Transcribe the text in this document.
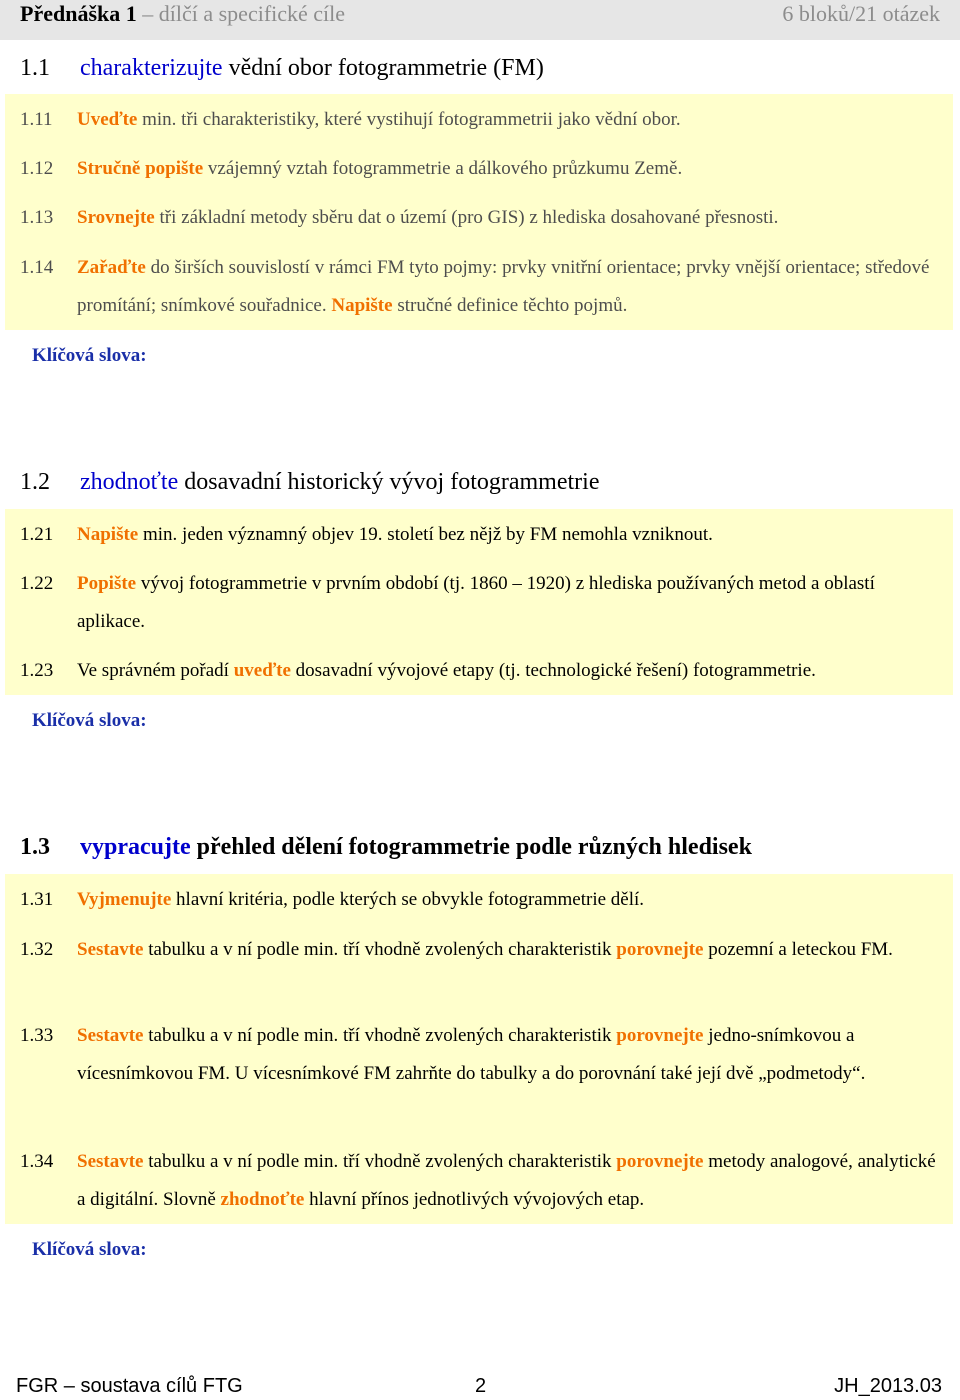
Přednáška 1 – dílčí a specifické cíle	6 bloků/21 otázek
1.1 charakterizujte vědní obor fotogrammetrie (FM)
1.11 Uveďte min. tři charakteristiky, které vystihují fotogrammetrii jako vědní obor.
1.12 Stručně popište vzájemný vztah fotogrammetrie a dálkového průzkumu Země.
1.13 Srovnejte tři základní metody sběru dat o území (pro GIS) z hlediska dosahované přesnosti.
1.14 Zařaďte do širších souvislostí v rámci FM tyto pojmy: prvky vnitřní orientace; prvky vnější orientace; středové promítání; snímkové souřadnice. Napište stručné definice těchto pojmů.
Klíčová slova:
1.2 zhodnoťte dosavadní historický vývoj fotogrammetrie
1.21 Napište min. jeden významný objev 19. století bez nějž by FM nemohla vzniknout.
1.22 Popište vývoj fotogrammetrie v prvním období (tj. 1860 – 1920) z hlediska používaných metod a oblastí aplikace.
1.23 Ve správném pořadí uveďte dosavadní vývojové etapy (tj. technologické řešení) fotogrammetrie.
Klíčová slova:
1.3 vypracujte přehled dělení fotogrammetrie podle různých hledisek
1.31 Vyjmenujte hlavní kritéria, podle kterých se obvykle fotogrammetrie dělí.
1.32 Sestavte tabulku a v ní podle min. tří vhodně zvolených charakteristik porovnejte pozemní a leteckou FM.
1.33 Sestavte tabulku a v ní podle min. tří vhodně zvolených charakteristik porovnejte jedno-snímkovou a vícesnímkovou FM. U vícesnímkové FM zahrňte do tabulky a do porovnání také její dvě „podmetody“.
1.34 Sestavte tabulku a v ní podle min. tří vhodně zvolených charakteristik porovnejte metody analogové, analytické a digitální. Slovně zhodnoťte hlavní přínos jednotlivých vývojových etap.
Klíčová slova:
FGR – soustava cílů FTG	2	JH_2013.03
